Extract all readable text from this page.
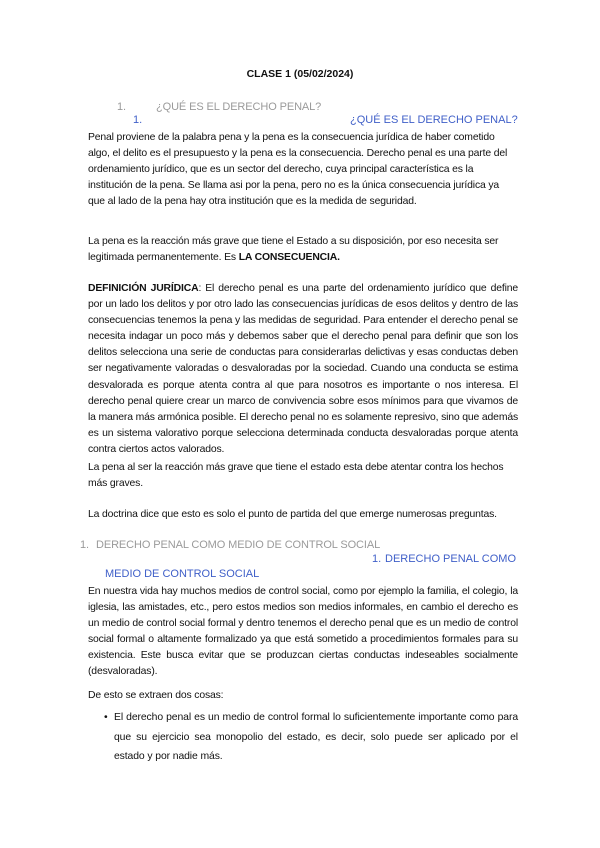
CLASE 1 (05/02/2024)
1.	¿QUÉ ES EL DERECHO PENAL?
1.	¿QUÉ ES EL DERECHO PENAL?

Penal proviene de la palabra pena y la pena es la consecuencia jurídica de haber cometido algo, el delito es el presupuesto y la pena es la consecuencia. Derecho penal es una parte del ordenamiento jurídico, que es un sector del derecho, cuya principal característica es la institución de la pena. Se llama asi por la pena, pero no es la única consecuencia jurídica ya que al lado de la pena hay otra institución que es la medida de seguridad.

La pena es la reacción más grave que tiene el Estado a su disposición, por eso necesita ser legitimada permanentemente. Es LA CONSECUENCIA.

DEFINICIÓN JURÍDICA: El derecho penal es una parte del ordenamiento jurídico que define por un lado los delitos y por otro lado las consecuencias jurídicas de esos delitos y dentro de las consecuencias tenemos la pena y las medidas de seguridad. Para entender el derecho penal se necesita indagar un poco más y debemos saber que el derecho penal para definir que son los delitos selecciona una serie de conductas para considerarlas delictivas y esas conductas deben ser negativamente valoradas o desvaloradas por la sociedad. Cuando una conducta se estima desvalorada es porque atenta contra al que para nosotros es importante o nos interesa. El derecho penal quiere crear un marco de convivencia sobre esos mínimos para que vivamos de la manera más armónica posible. El derecho penal no es solamente represivo, sino que además es un sistema valorativo porque selecciona determinada conducta desvaloradas porque atenta contra ciertos actos valorados.

La pena al ser la reacción más grave que tiene el estado esta debe atentar contra los hechos más graves.

La doctrina dice que esto es solo el punto de partida del que emerge numerosas preguntas.

1. DERECHO PENAL COMO MEDIO DE CONTROL SOCIAL
1. DERECHO PENAL COMO
MEDIO DE CONTROL SOCIAL

En nuestra vida hay muchos medios de control social, como por ejemplo la familia, el colegio, la iglesia, las amistades, etc., pero estos medios son medios informales, en cambio el derecho es un medio de control social formal y dentro tenemos el derecho penal que es un medio de control social formal o altamente formalizado ya que está sometido a procedimientos formales para su existencia. Este busca evitar que se produzcan ciertas conductas indeseables socialmente (desvaloradas).

De esto se extraen dos cosas:

• El derecho penal es un medio de control formal lo suficientemente importante como para que su ejercicio sea monopolio del estado, es decir, solo puede ser aplicado por el estado y por nadie más.
